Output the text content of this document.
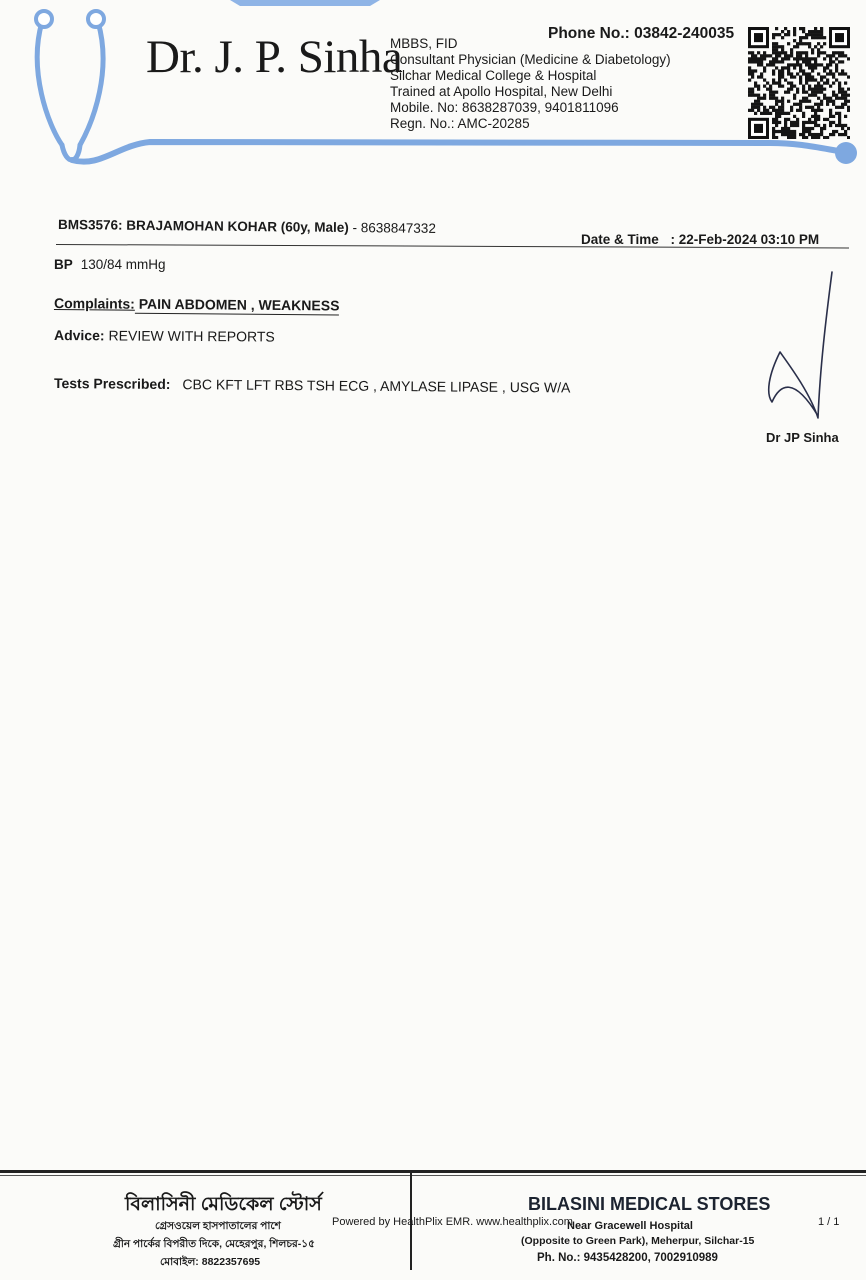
Dr. J. P. Sinha
MBBS, FID
Consultant Physician (Medicine & Diabetology)
Silchar Medical College & Hospital
Trained at Apollo Hospital, New Delhi
Mobile. No: 8638287039, 9401811096
Regn. No.: AMC-20285
Phone No.: 03842-240035
BMS3576: BRAJAMOHAN KOHAR (60y, Male) - 8638847332
Date & Time : 22-Feb-2024 03:10 PM
BP 130/84 mmHg
Complaints: PAIN ABDOMEN , WEAKNESS
Advice: REVIEW WITH REPORTS
Tests Prescribed: CBC KFT LFT RBS TSH ECG , AMYLASE LIPASE , USG W/A
Dr JP Sinha
বিলাসিনী মেডিকেল স্টোর্স
গ্রেসওয়েল হাসপাতালের পাশে
গ্রীন পার্কের বিপরীত দিকে, মেহেরপুর, শিলচর-১৫
মোবাইল: 8822357695
Powered by HealthPlix EMR. www.healthplix.com
BILASINI MEDICAL STORES
Near Gracewell Hospital
(Opposite to Green Park), Meherpur, Silchar-15
Ph. No.: 9435428200, 7002910989
1 / 1
